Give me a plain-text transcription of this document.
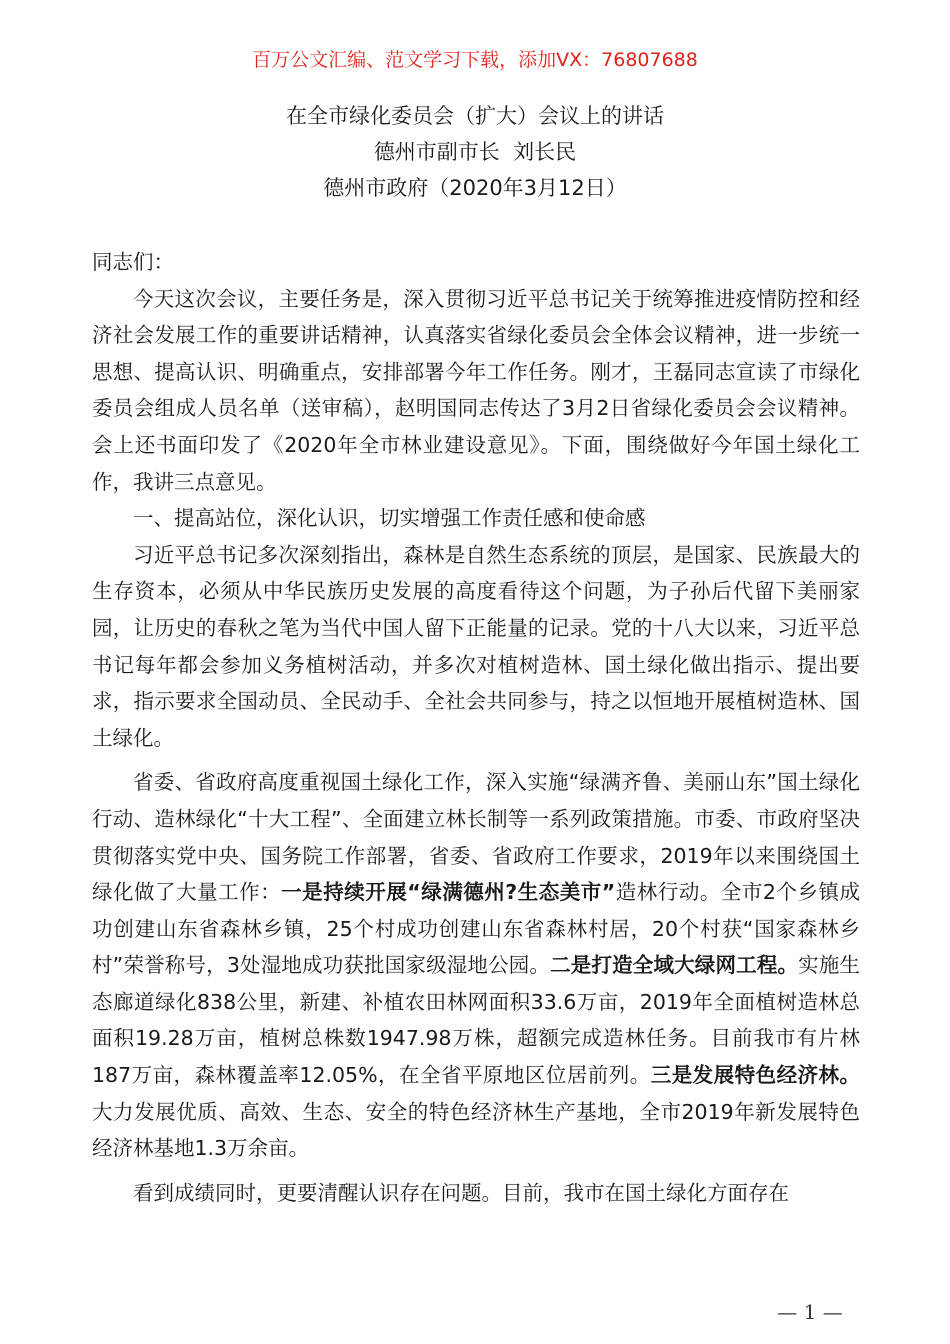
百万公文汇编、范文学习下载，添加VX：76807688
在全市绿化委员会（扩大）会议上的讲话
德州市副市长  刘长民
德州市政府（2020年3月12日）

同志们：

今天这次会议，主要任务是，深入贯彻习近平总书记关于统筹推进疫情防控和经济社会发展工作的重要讲话精神，认真落实省绿化委员会全体会议精神，进一步统一思想、提高认识、明确重点，安排部署今年工作任务。刚才，王磊同志宣读了市绿化委员会组成人员名单（送审稿），赵明国同志传达了3月2日省绿化委员会会议精神。会上还书面印发了《2020年全市林业建设意见》。下面，围绕做好今年国土绿化工作，我讲三点意见。

一、提高站位，深化认识，切实增强工作责任感和使命感

习近平总书记多次深刻指出，森林是自然生态系统的顶层，是国家、民族最大的生存资本，必须从中华民族历史发展的高度看待这个问题，为子孙后代留下美丽家园，让历史的春秋之笔为当代中国人留下正能量的记录。党的十八大以来，习近平总书记每年都会参加义务植树活动，并多次对植树造林、国土绿化做出指示、提出要求，指示要求全国动员、全民动手、全社会共同参与，持之以恒地开展植树造林、国土绿化。

省委、省政府高度重视国土绿化工作，深入实施“绿满齐鲁、美丽山东”国土绿化行动、造林绿化“十大工程”、全面建立林长制等一系列政策措施。市委、市政府坚决贯彻落实党中央、国务院工作部署，省委、省政府工作要求，2019年以来围绕国土绿化做了大量工作：一是持续开展“绿满德州?生态美市”造林行动。全市2个乡镇成功创建山东省森林乡镇，25个村成功创建山东省森林村居，20个村获“国家森林乡村”荣誉称号，3处湿地成功获批国家级湿地公园。二是打造全域大绿网工程。实施生态廊道绿化838公里，新建、补植农田林网面积33.6万亩，2019年全面植树造林总面积19.28万亩，植树总株数1947.98万株，超额完成造林任务。目前我市有片林187万亩，森林覆盖率12.05%，在全省平原地区位居前列。三是发展特色经济林。大力发展优质、高效、生态、安全的特色经济林生产基地，全市2019年新发展特色经济林基地1.3万余亩。

看到成绩同时，更要清醒认识存在问题。目前，我市在国土绿化方面存在

— 1 —
